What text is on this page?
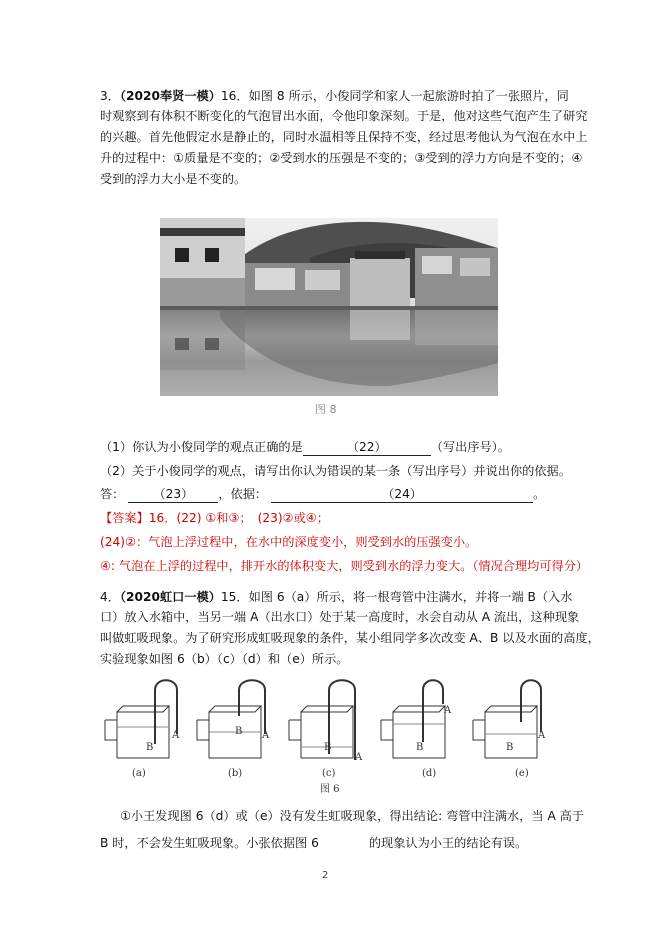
3．（2020奉贤一模）16．如图 8 所示，小俊同学和家人一起旅游时拍了一张照片，同
时观察到有体积不断变化的气泡冒出水面，令他印象深刻。于是，他对这些气泡产生了研究
的兴趣。首先他假定水是静止的，同时水温相等且保持不变，经过思考他认为气泡在水中上
升的过程中：①质量是不变的；②受到水的压强是不变的；③受到的浮力方向是不变的；④
受到的浮力大小是不变的。
图 8
（1）你认为小俊同学的观点正确的是	（22）	（写出序号）。
（2）关于小俊同学的观点，请写出你认为错误的某一条（写出序号）并说出你的依据。
答： （23） ，依据：	（24）	。
【答案】16．(22) ①和③；　(23)②或④；
(24)②：气泡上浮过程中，在水中的深度变小，则受到水的压强变小。
④: 气泡在上浮的过程中，排开水的体积变大，则受到水的浮力变大。（情况合理均可得分）
4．（2020虹口一模）15．如图 6（a）所示，将一根弯管中注满水，并将一端 B（入水
口）放入水箱中，当另一端 A（出水口）处于某一高度时，水会自动从 A 流出，这种现象
叫做虹吸现象。为了研究形成虹吸现象的条件，某小组同学多次改变 A、B 以及水面的高度，
实验现象如图 6（b）（c）（d）和（e）所示。
B
A	B A
B
A
B
A
B
A
(a)	(b)	(c)	(d)	(e)
图 6
①小王发现图 6（d）或（e）没有发生虹吸现象，得出结论: 弯管中注满水，当 A 高于
B 时，不会发生虹吸现象。小张依据图 6	的现象认为小王的结论有误。
2
